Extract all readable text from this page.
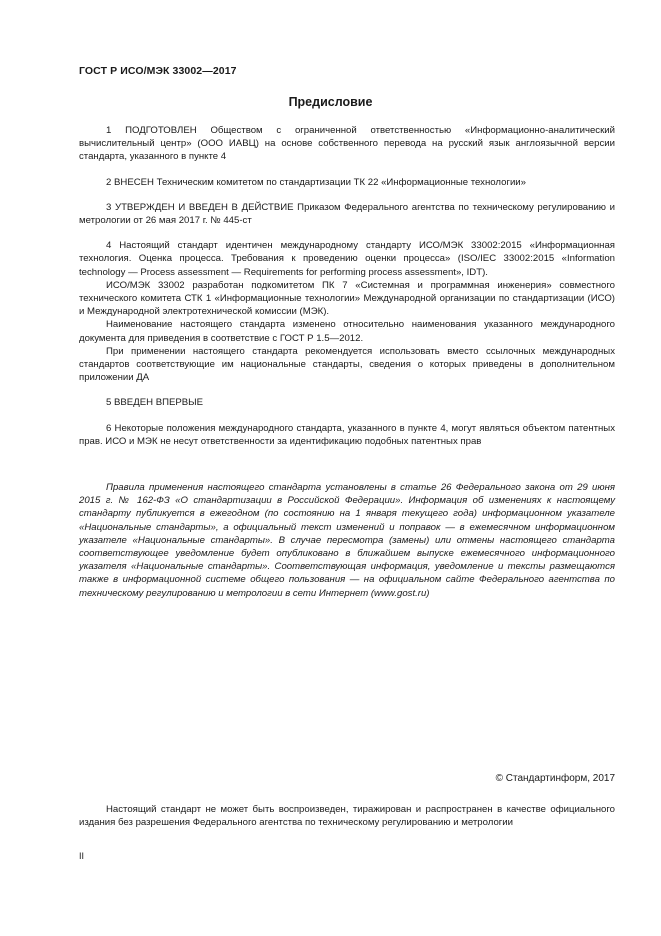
ГОСТ Р ИСО/МЭК 33002—2017
Предисловие

1 ПОДГОТОВЛЕН Обществом с ограниченной ответственностью «Информационно-аналитический вычислительный центр» (ООО ИАВЦ) на основе собственного перевода на русский язык англоязычной версии стандарта, указанного в пункте 4

2 ВНЕСЕН Техническим комитетом по стандартизации ТК 22 «Информационные технологии»

3 УТВЕРЖДЕН И ВВЕДЕН В ДЕЙСТВИЕ Приказом Федерального агентства по техническому регулированию и метрологии от 26 мая 2017 г. № 445-ст

4 Настоящий стандарт идентичен международному стандарту ИСО/МЭК 33002:2015 «Информационная технология. Оценка процесса. Требования к проведению оценки процесса» (ISO/IEC 33002:2015 «Information technology — Process assessment — Requirements for performing process assessment», IDT).

ИСО/МЭК 33002 разработан подкомитетом ПК 7 «Системная и программная инженерия» совместного технического комитета СТК 1 «Информационные технологии» Международной организации по стандартизации (ИСО) и Международной электротехнической комиссии (МЭК).

Наименование настоящего стандарта изменено относительно наименования указанного международного документа для приведения в соответствие с ГОСТ Р 1.5—2012.

При применении настоящего стандарта рекомендуется использовать вместо ссылочных международных стандартов соответствующие им национальные стандарты, сведения о которых приведены в дополнительном приложении ДА

5 ВВЕДЕН ВПЕРВЫЕ

6 Некоторые положения международного стандарта, указанного в пункте 4, могут являться объектом патентных прав. ИСО и МЭК не несут ответственности за идентификацию подобных патентных прав

Правила применения настоящего стандарта установлены в статье 26 Федерального закона от 29 июня 2015 г. № 162-ФЗ «О стандартизации в Российской Федерации». Информация об изменениях к настоящему стандарту публикуется в ежегодном (по состоянию на 1 января текущего года) информационном указателе «Национальные стандарты», а официальный текст изменений и поправок — в ежемесячном информационном указателе «Национальные стандарты». В случае пересмотра (замены) или отмены настоящего стандарта соответствующее уведомление будет опубликовано в ближайшем выпуске ежемесячного информационного указателя «Национальные стандарты». Соответствующая информация, уведомление и тексты размещаются также в информационной системе общего пользования — на официальном сайте Федерального агентства по техническому регулированию и метрологии в сети Интернет (www.gost.ru)

© Стандартинформ, 2017

Настоящий стандарт не может быть воспроизведен, тиражирован и распространен в качестве официального издания без разрешения Федерального агентства по техническому регулированию и метрологии

II
